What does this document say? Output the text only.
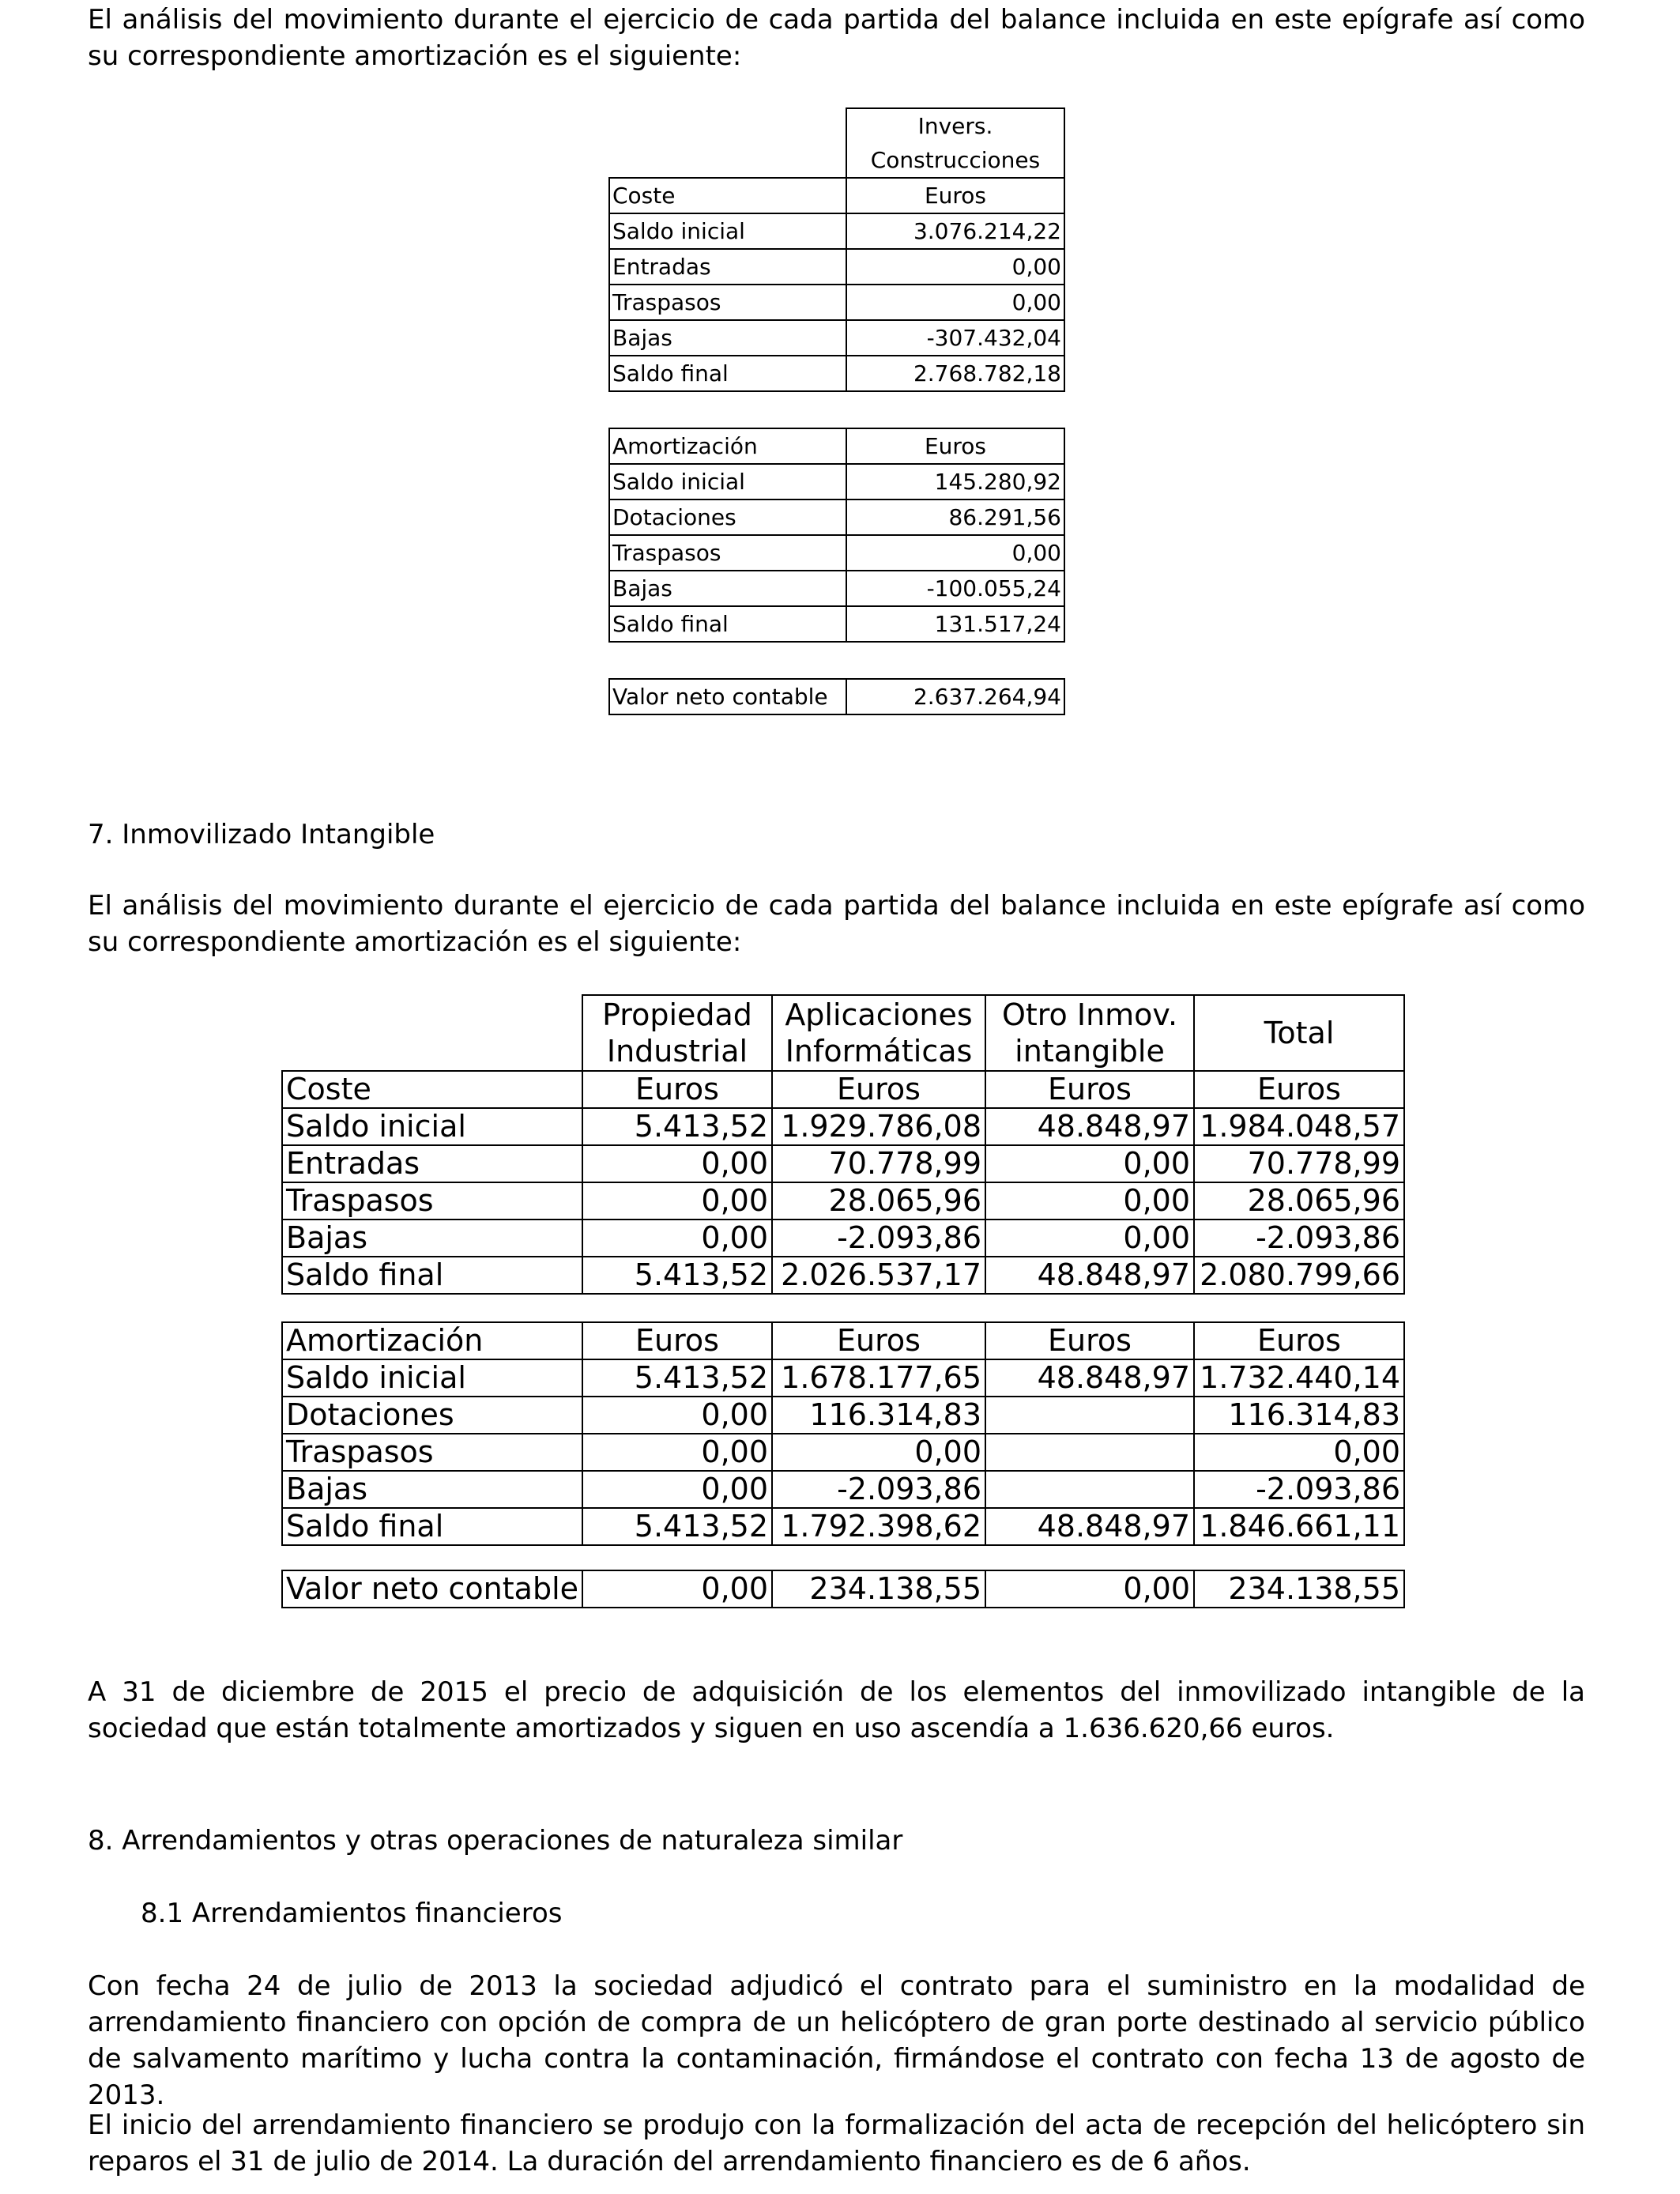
El análisis del movimiento durante el ejercicio de cada partida del balance incluida en este epígrafe así como su correspondiente amortización es el siguiente:

	Invers.
	Construcciones
Coste	Euros
Saldo inicial	3.076.214,22
Entradas	0,00
Traspasos	0,00
Bajas	-307.432,04
Saldo final	2.768.782,18

Amortización	Euros
Saldo inicial	145.280,92
Dotaciones	86.291,56
Traspasos	0,00
Bajas	-100.055,24
Saldo final	131.517,24

Valor neto contable	2.637.264,94
7. Inmovilizado Intangible

El análisis del movimiento durante el ejercicio de cada partida del balance incluida en este epígrafe así como su correspondiente amortización es el siguiente:

	Propiedad Industrial	Aplicaciones Informáticas	Otro Inmov. intangible	Total
Coste	Euros	Euros	Euros	Euros
Saldo inicial	5.413,52	1.929.786,08	48.848,97	1.984.048,57
Entradas	0,00	70.778,99	0,00	70.778,99
Traspasos	0,00	28.065,96	0,00	28.065,96
Bajas	0,00	-2.093,86	0,00	-2.093,86
Saldo final	5.413,52	2.026.537,17	48.848,97	2.080.799,66

Amortización	Euros	Euros	Euros	Euros
Saldo inicial	5.413,52	1.678.177,65	48.848,97	1.732.440,14
Dotaciones	0,00	116.314,83		116.314,83
Traspasos	0,00	0,00		0,00
Bajas	0,00	-2.093,86		-2.093,86
Saldo final	5.413,52	1.792.398,62	48.848,97	1.846.661,11

Valor neto contable	0,00	234.138,55	0,00	234.138,55

A 31 de diciembre de 2015 el precio de adquisición de los elementos del inmovilizado intangible de la sociedad que están totalmente amortizados y siguen en uso ascendía a 1.636.620,66 euros.

8. Arrendamientos y otras operaciones de naturaleza similar
8.1 Arrendamientos financieros

Con fecha 24 de julio de 2013 la sociedad adjudicó el contrato para el suministro en la modalidad de arrendamiento financiero con opción de compra de un helicóptero de gran porte destinado al servicio público de salvamento marítimo y lucha contra la contaminación, firmándose el contrato con fecha 13 de agosto de 2013.

El inicio del arrendamiento financiero se produjo con la formalización del acta de recepción del helicóptero sin reparos el 31 de julio de 2014. La duración del arrendamiento financiero es de 6 años.
